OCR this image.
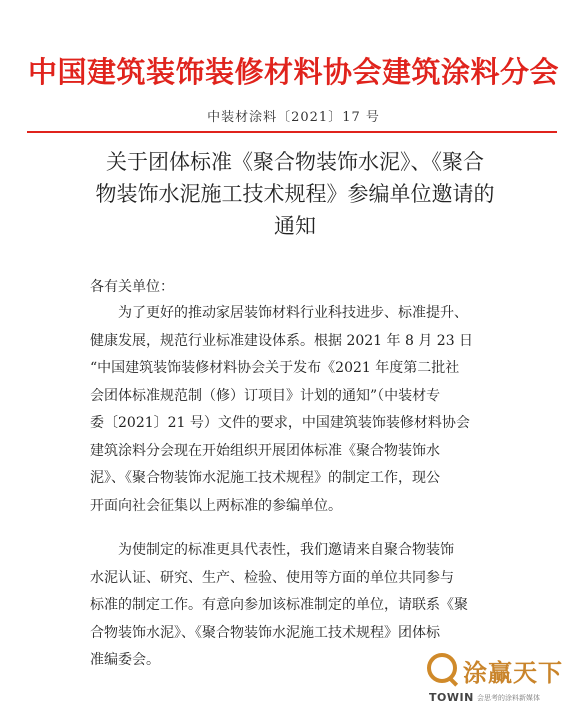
中国建筑装饰装修材料协会建筑涂料分会
中装材涂料〔2021〕17 号
关于团体标准《聚合物装饰水泥》、《聚合
物装饰水泥施工技术规程》参编单位邀请的
通知
各有关单位：
　　为了更好的推动家居装饰材料行业科技进步、标准提升、
健康发展，规范行业标准建设体系。根据 2021 年 8 月 23 日
“中国建筑装饰装修材料协会关于发布《2021 年度第二批社
会团体标准规范制（修）订项目》计划的通知”（中装材专
委〔2021〕21 号）文件的要求，中国建筑装饰装修材料协会
建筑涂料分会现在开始组织开展团体标准《聚合物装饰水
泥》、《聚合物装饰水泥施工技术规程》的制定工作，现公
开面向社会征集以上两标准的参编单位。
　　为使制定的标准更具代表性，我们邀请来自聚合物装饰
水泥认证、研究、生产、检验、使用等方面的单位共同参与
标准的制定工作。有意向参加该标准制定的单位，请联系《聚
合物装饰水泥》、《聚合物装饰水泥施工技术规程》团体标
准编委会。	涂赢天下
TOWIN 会思考的涂料新媒体
